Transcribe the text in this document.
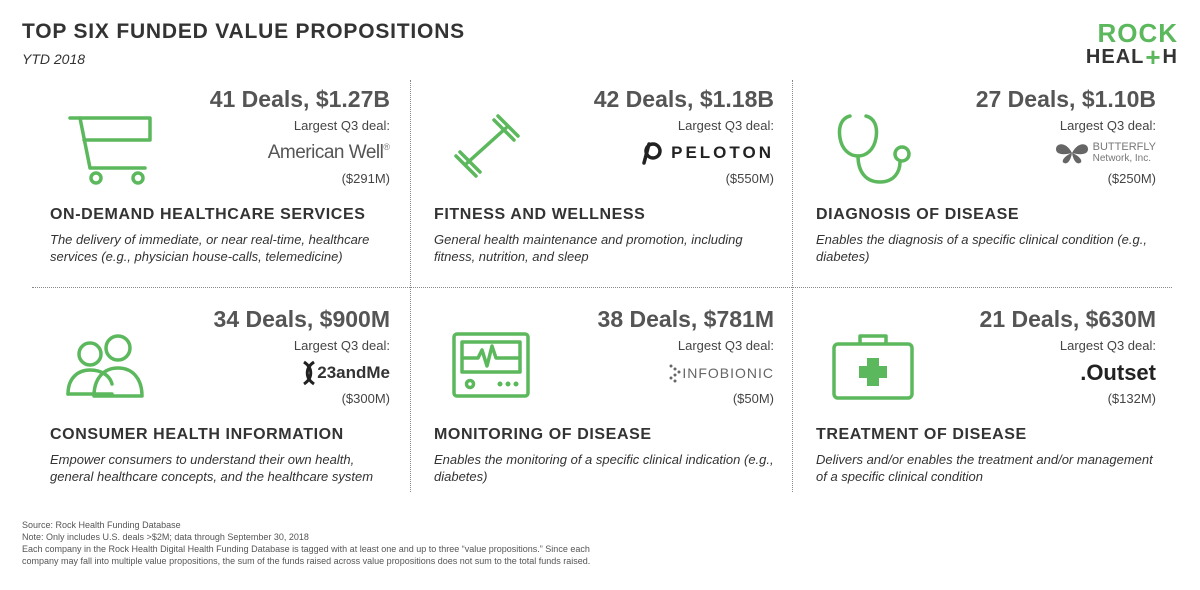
TOP SIX FUNDED VALUE PROPOSITIONS
YTD 2018
ROCK
HEAL + H
41 Deals, $1.27B
Largest Q3 deal:
American Well ®
($291M)
ON-DEMAND HEALTHCARE SERVICES
The delivery of immediate, or near real-time, healthcare services (e.g., physician house-calls, telemedicine)
42 Deals, $1.18B
Largest Q3 deal:
PELOTON
($550M)
FITNESS AND WELLNESS
General health maintenance and promotion, including fitness, nutrition, and sleep
27 Deals, $1.10B
Largest Q3 deal:
BUTTERFLY
Network, Inc.
($250M)
DIAGNOSIS OF DISEASE
Enables the diagnosis of a specific clinical condition (e.g., diabetes)
34 Deals, $900M
Largest Q3 deal:
23andMe
($300M)
CONSUMER HEALTH INFORMATION
Empower consumers to understand their own health, general healthcare concepts, and the healthcare system
38 Deals, $781M
Largest Q3 deal:
INFOBIONIC
($50M)
MONITORING OF DISEASE
Enables the monitoring of a specific clinical indication (e.g., diabetes)
21 Deals, $630M
Largest Q3 deal:
.Outset
($132M)
TREATMENT OF DISEASE
Delivers and/or enables the treatment and/or management of a specific clinical condition
Source: Rock Health Funding Database
Note: Only includes U.S. deals >$2M; data through September 30, 2018
Each company in the Rock Health Digital Health Funding Database is tagged with at least one and up to three “value propositions.” Since each
company may fall into multiple value propositions, the sum of the funds raised across value propositions does not sum to the total funds raised.
